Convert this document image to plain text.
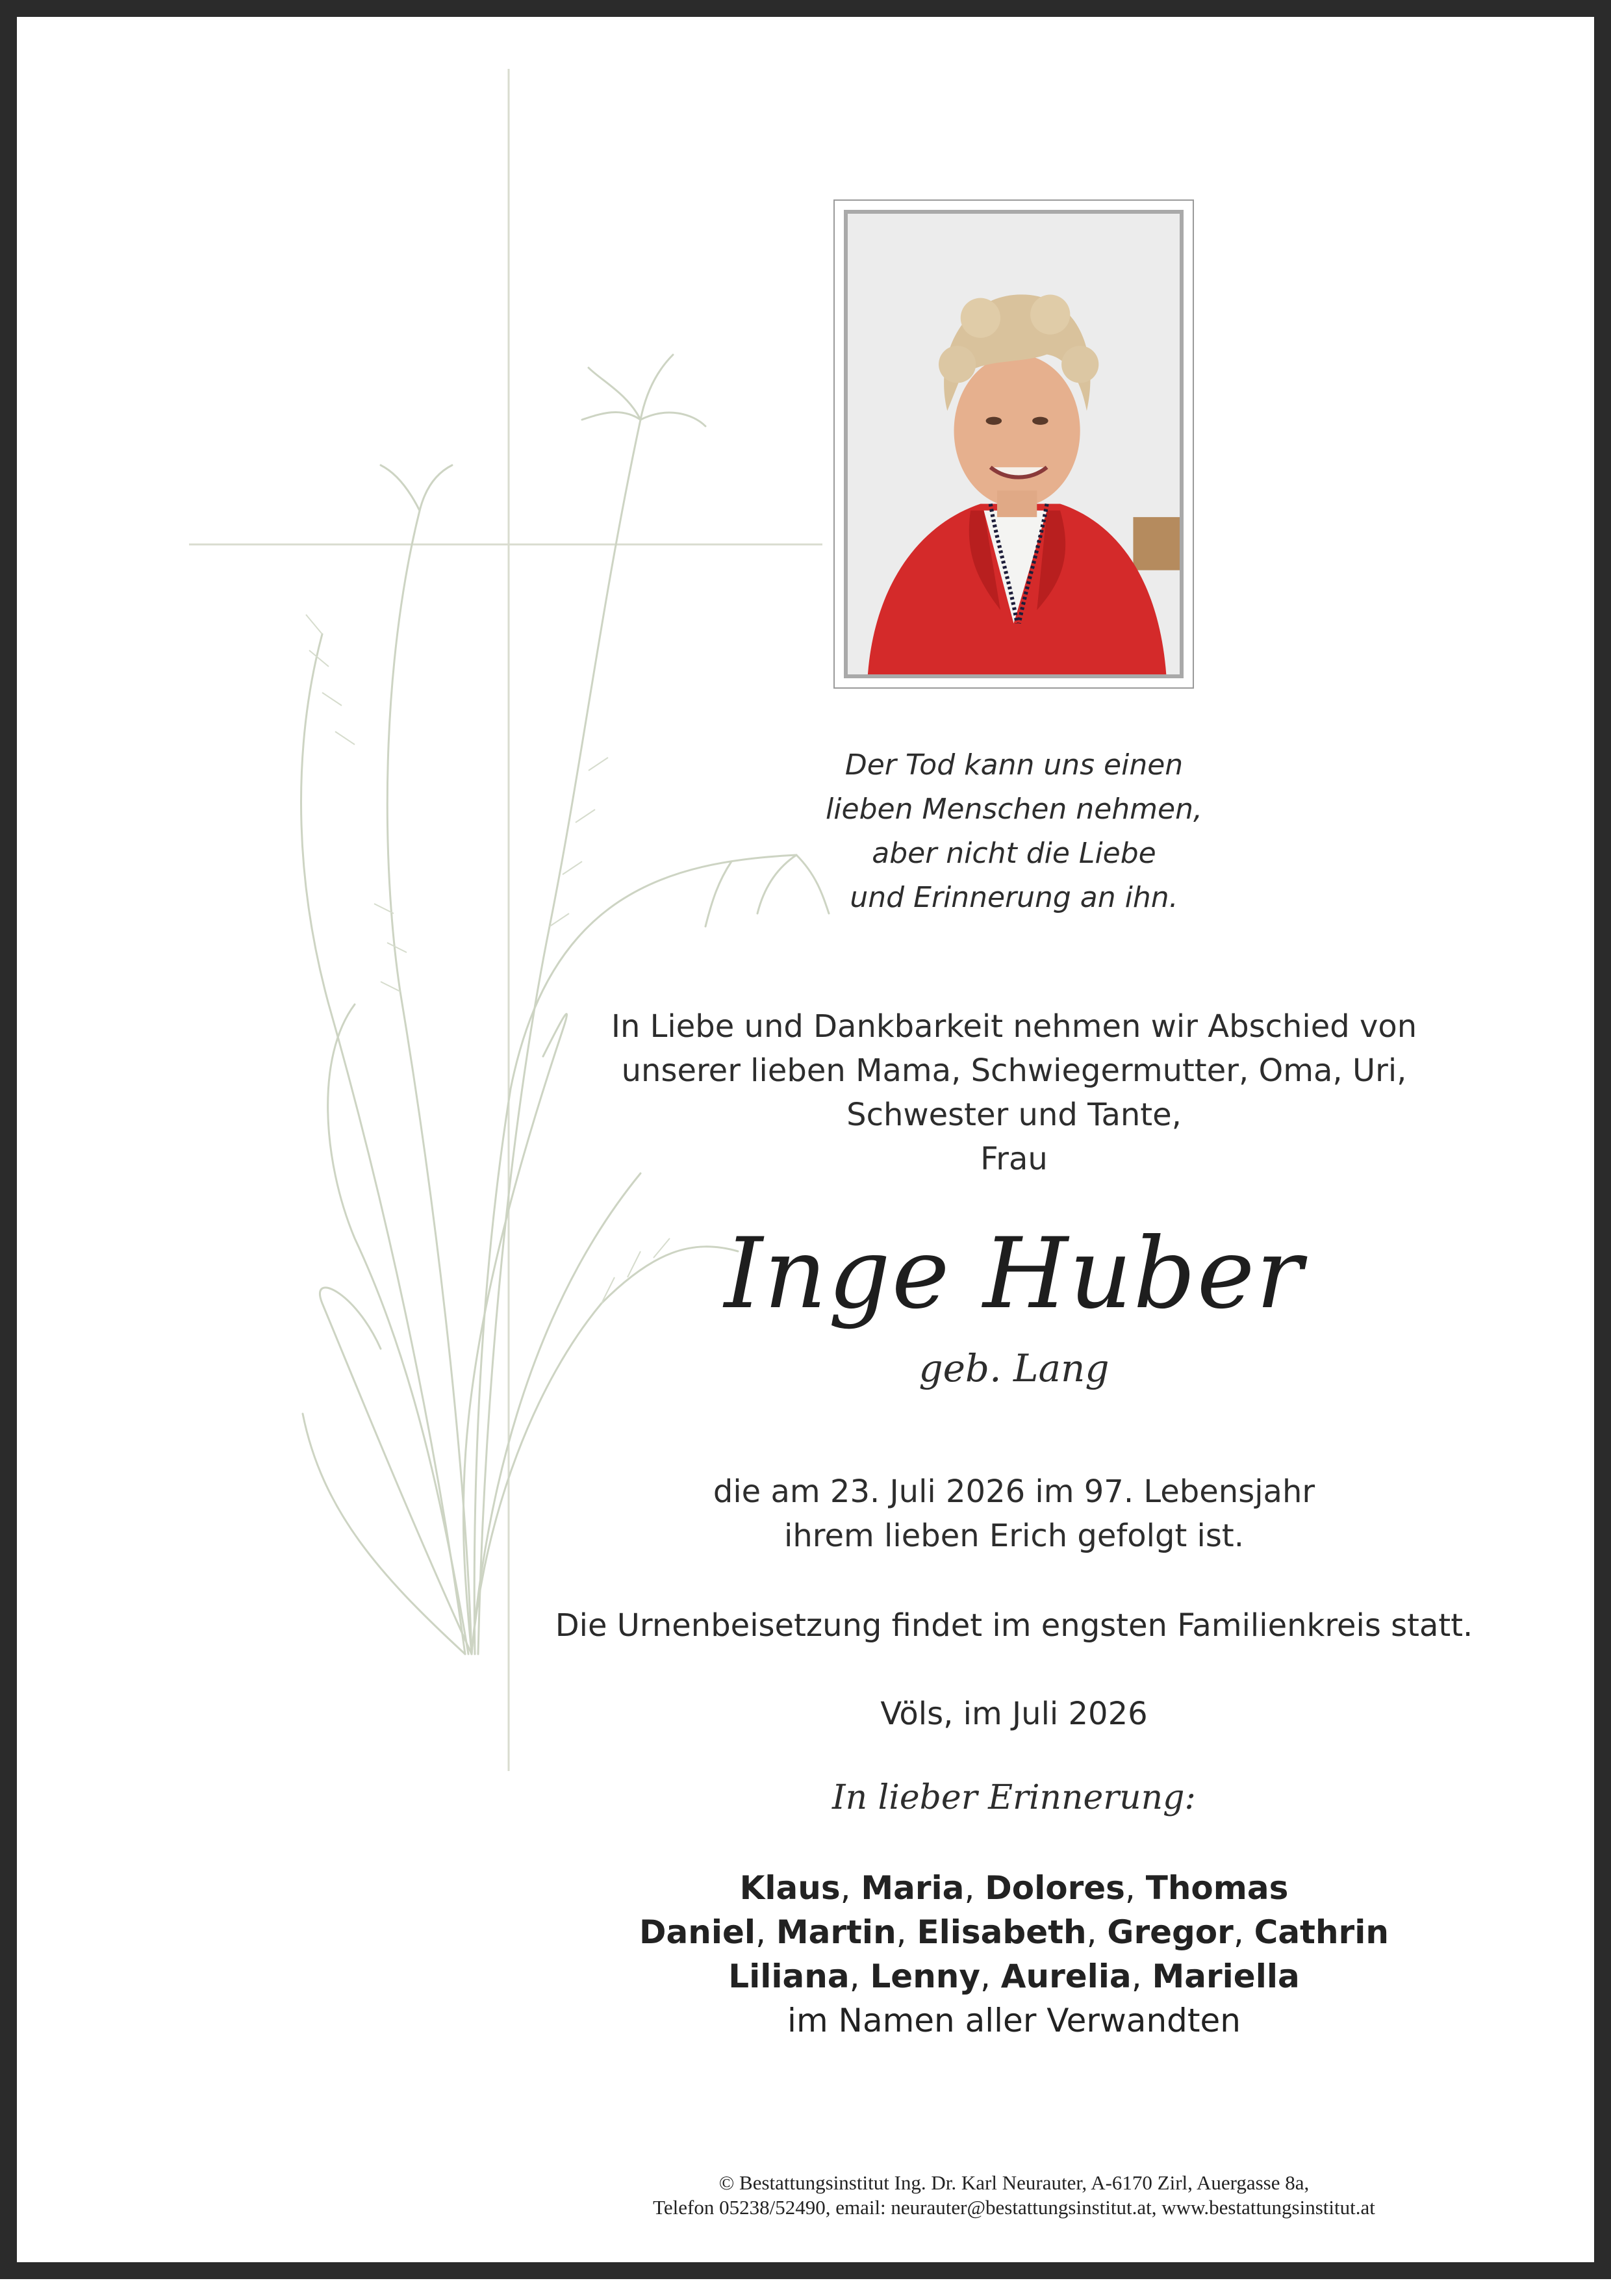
Der Tod kann uns einen
lieben Menschen nehmen,
aber nicht die Liebe
und Erinnerung an ihn.
In Liebe und Dankbarkeit nehmen wir Abschied von
unserer lieben Mama, Schwiegermutter, Oma, Uri,
Schwester und Tante,
Frau
Inge Huber
geb. Lang
die am 23. Juli 2026 im 97. Lebensjahr
ihrem lieben Erich gefolgt ist.
Die Urnenbeisetzung findet im engsten Familienkreis statt.
Völs, im Juli 2026
In lieber Erinnerung:
Klaus, Maria, Dolores, Thomas
Daniel, Martin, Elisabeth, Gregor, Cathrin
Liliana, Lenny, Aurelia, Mariella
im Namen aller Verwandten
© Bestattungsinstitut Ing. Dr. Karl Neurauter, A-6170 Zirl, Auergasse 8a,
Telefon 05238/52490, email: neurauter@bestattungsinstitut.at, www.bestattungsinstitut.at
